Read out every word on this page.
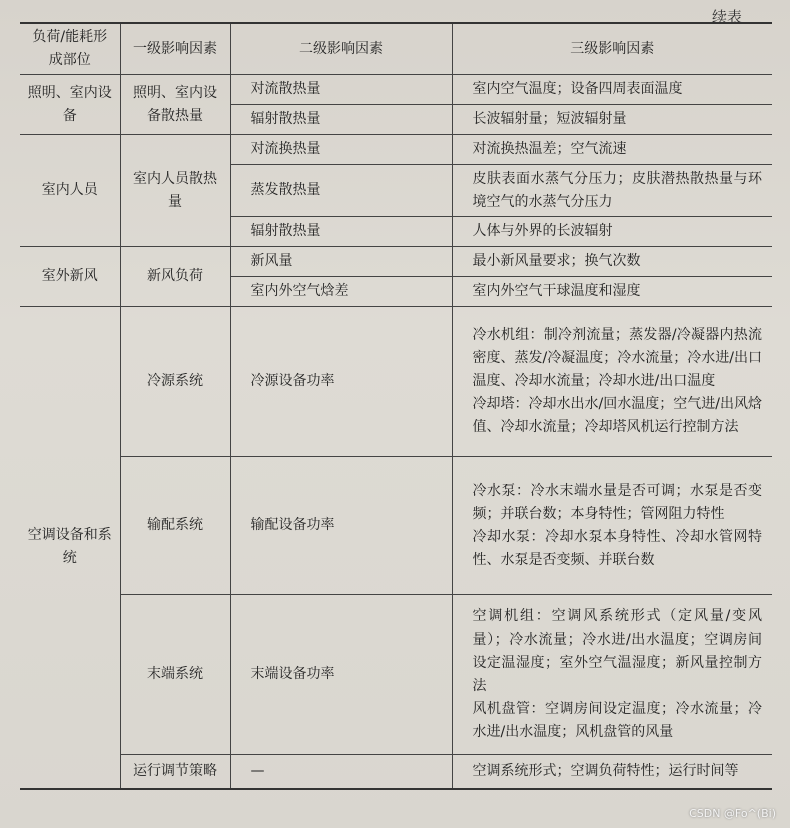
续表
负荷/能耗形成部位	一级影响因素	二级影响因素	三级影响因素
照明、室内设备	照明、室内设备散热量	对流散热量	室内空气温度；设备四周表面温度
		辐射散热量	长波辐射量；短波辐射量
室内人员	室内人员散热量	对流换热量	对流换热温差；空气流速
		蒸发散热量	皮肤表面水蒸气分压力；皮肤潜热散热量与环境空气的水蒸气分压力
		辐射散热量	人体与外界的长波辐射
室外新风	新风负荷	新风量	最小新风量要求；换气次数
		室内外空气焓差	室内外空气干球温度和湿度
空调设备和系统	冷源系统	冷源设备功率	冷水机组：制冷剂流量；蒸发器/冷凝器内热流密度、蒸发/冷凝温度；冷水流量；冷水进/出口温度、冷却水流量；冷却水进/出口温度
冷却塔：冷却水出水/回水温度；空气进/出风焓值、冷却水流量；冷却塔风机运行控制方法

	输配系统	输配设备功率	冷水泵：冷水末端水量是否可调；水泵是否变频；并联台数；本身特性；管网阻力特性
冷却水泵：冷却水泵本身特性、冷却水管网特性、水泵是否变频、并联台数

	末端系统	末端设备功率	空调机组：空调风系统形式（定风量/变风量）；冷水流量；冷水进/出水温度；空调房间设定温湿度；室外空气温湿度；新风量控制方法
风机盘管：空调房间设定温度；冷水流量；冷水进/出水温度；风机盘管的风量

	运行调节策略	—	空调系统形式；空调负荷特性；运行时间等
CSDN @Fo^(Bi)
